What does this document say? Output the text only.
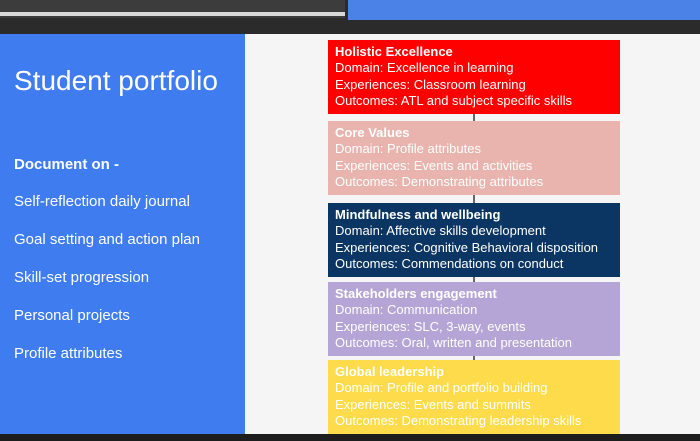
Student portfolio
Document on -
Self-reflection daily journal
Goal setting and action plan
Skill-set progression
Personal projects
Profile attributes
Holistic Excellence
Domain: Excellence in learning
Experiences: Classroom learning
Outcomes: ATL and subject specific skills
Core Values
Domain: Profile attributes
Experiences: Events and activities
Outcomes: Demonstrating attributes
Mindfulness and wellbeing
Domain: Affective skills development
Experiences: Cognitive Behavioral disposition
Outcomes: Commendations on conduct
Stakeholders engagement
Domain: Communication
Experiences: SLC, 3-way, events
Outcomes: Oral, written and presentation
Global leadership
Domain: Profile and portfolio building
Experiences: Events and summits
Outcomes: Demonstrating leadership skills
